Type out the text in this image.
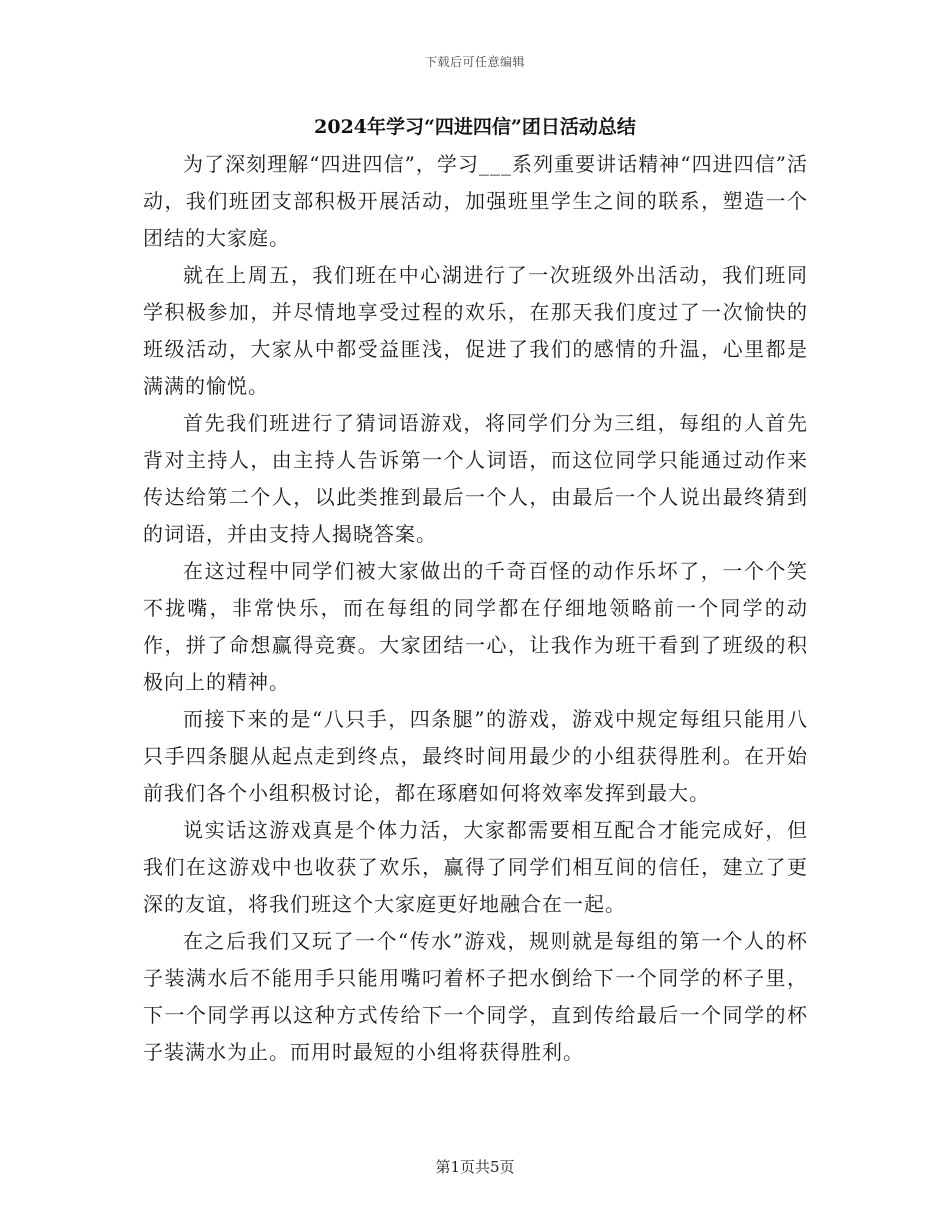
下载后可任意编辑
2024年学习“四进四信”团日活动总结

为了深刻理解“四进四信”，学习___系列重要讲话精神“四进四信”活动，我们班团支部积极开展活动，加强班里学生之间的联系，塑造一个团结的大家庭。

就在上周五，我们班在中心湖进行了一次班级外出活动，我们班同学积极参加，并尽情地享受过程的欢乐，在那天我们度过了一次愉快的班级活动，大家从中都受益匪浅，促进了我们的感情的升温，心里都是满满的愉悦。

首先我们班进行了猜词语游戏，将同学们分为三组，每组的人首先背对主持人，由主持人告诉第一个人词语，而这位同学只能通过动作来传达给第二个人，以此类推到最后一个人，由最后一个人说出最终猜到的词语，并由支持人揭晓答案。

在这过程中同学们被大家做出的千奇百怪的动作乐坏了，一个个笑不拢嘴，非常快乐，而在每组的同学都在仔细地领略前一个同学的动作，拼了命想赢得竞赛。大家团结一心，让我作为班干看到了班级的积极向上的精神。

而接下来的是“八只手，四条腿”的游戏，游戏中规定每组只能用八只手四条腿从起点走到终点，最终时间用最少的小组获得胜利。在开始前我们各个小组积极讨论，都在琢磨如何将效率发挥到最大。

说实话这游戏真是个体力活，大家都需要相互配合才能完成好，但我们在这游戏中也收获了欢乐，赢得了同学们相互间的信任，建立了更深的友谊，将我们班这个大家庭更好地融合在一起。

在之后我们又玩了一个“传水”游戏，规则就是每组的第一个人的杯子装满水后不能用手只能用嘴叼着杯子把水倒给下一个同学的杯子里，下一个同学再以这种方式传给下一个同学，直到传给最后一个同学的杯子装满水为止。而用时最短的小组将获得胜利。

第1页共5页
